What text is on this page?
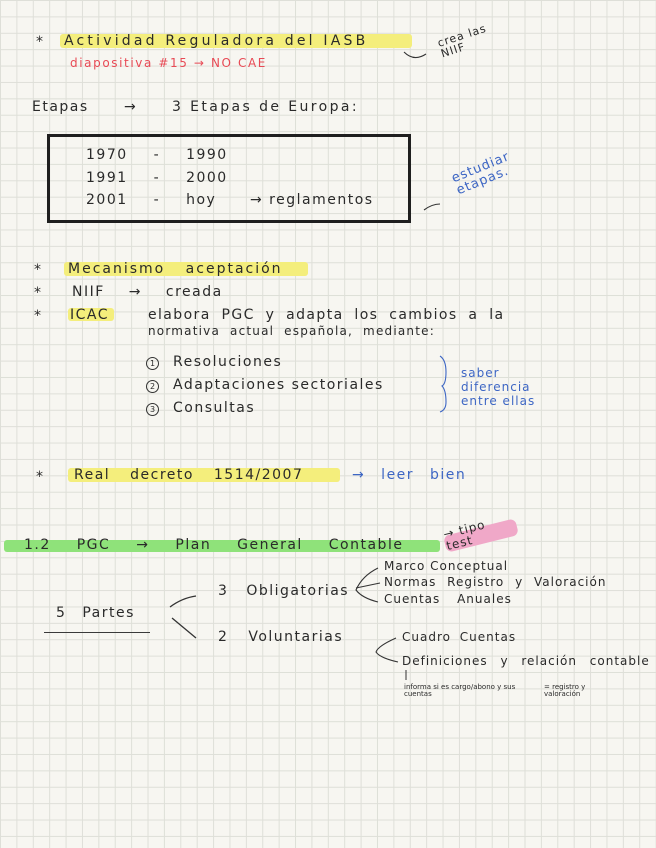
* Actividad Reguladora del IASB
diapositiva #15 → NO CAE
crea las NIIF
Etapas	→ 3 Etapas de Europa:
1970 - 1990
1991 - 2000
2001 - hoy → reglamentos
estudiar etapas.
* Mecanismo aceptación
* NIIF → creada
* ICAC	elabora PGC y adapta los cambios a la
normativa actual española, mediante:
1 Resoluciones
2 Adaptaciones sectoriales
3 Consultas
saber
diferencia
entre ellas
* Real decreto 1514/2007	→ leer bien
1.2 PGC → Plan General Contable
→ tipo test
5 Partes
3 Obligatorias
Marco Conceptual
Normas Registro y Valoración
Cuentas Anuales
2 Voluntarias	Cuadro Cuentas
Definiciones y relación contable
informa si es cargo/abono y sus cuentas
= registro y valoración
